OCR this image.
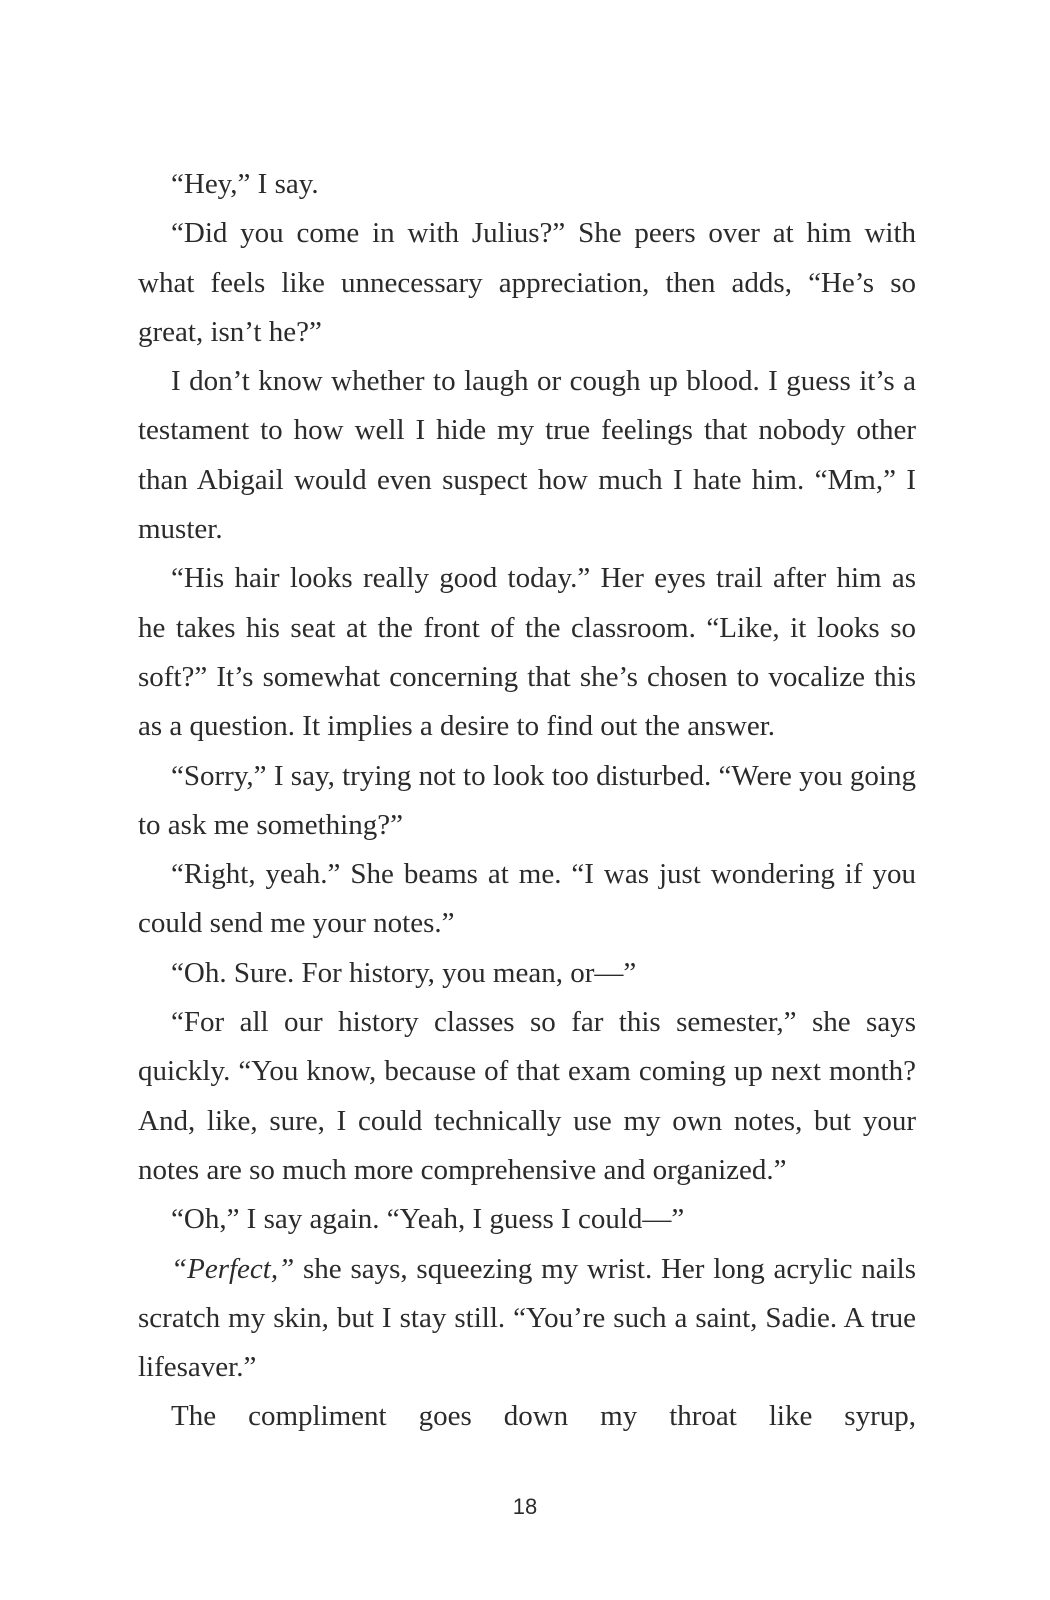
“Hey,” I say.

“Did you come in with Julius?” She peers over at him with what feels like unnecessary appreciation, then adds, “He’s so great, isn’t he?”

I don’t know whether to laugh or cough up blood. I guess it’s a testament to how well I hide my true feelings that nobody other than Abigail would even suspect how much I hate him. “Mm,” I muster.

“His hair looks really good today.” Her eyes trail after him as he takes his seat at the front of the classroom. “Like, it looks so soft?” It’s somewhat concerning that she’s chosen to vocalize this as a question. It implies a desire to find out the answer.

“Sorry,” I say, trying not to look too disturbed. “Were you going to ask me something?”

“Right, yeah.” She beams at me. “I was just wondering if you could send me your notes.”

“Oh. Sure. For history, you mean, or—”

“For all our history classes so far this semester,” she says quickly. “You know, because of that exam coming up next month? And, like, sure, I could technically use my own notes, but your notes are so much more comprehensive and organized.”

“Oh,” I say again. “Yeah, I guess I could—”

“Perfect,” she says, squeezing my wrist. Her long acrylic nails scratch my skin, but I stay still. “You’re such a saint, Sadie. A true lifesaver.”

The compliment goes down my throat like syrup,

18
